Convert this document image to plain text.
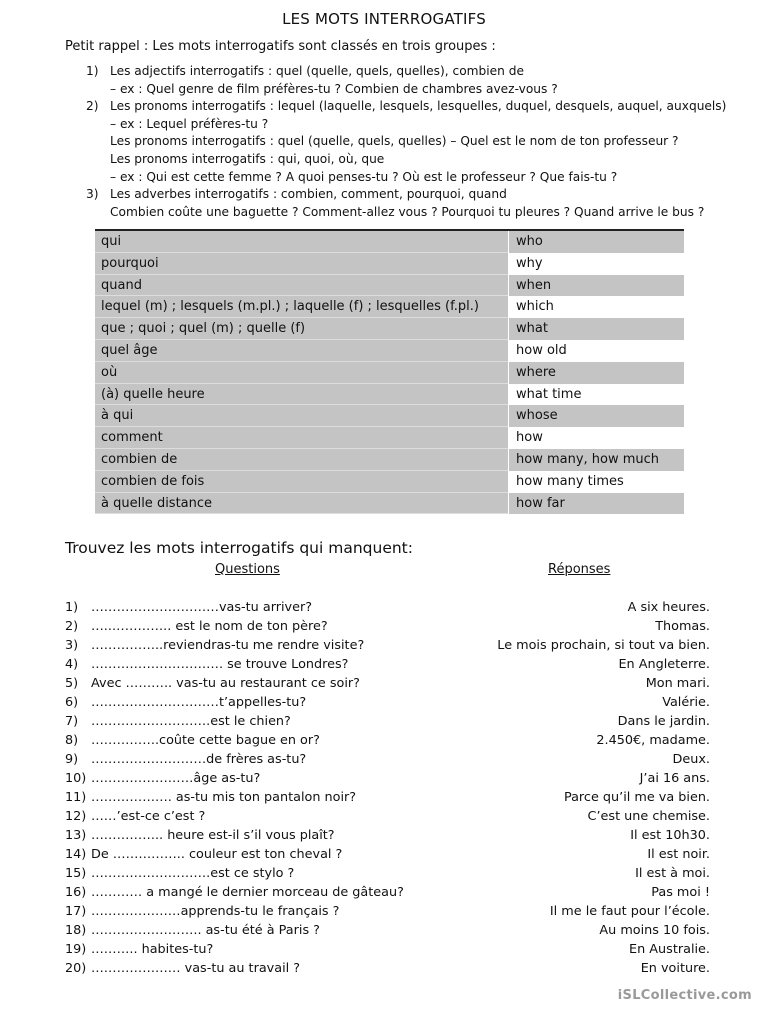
LES MOTS INTERROGATIFS
Petit rappel : Les mots interrogatifs sont classés en trois groupes :
1) Les adjectifs interrogatifs : quel (quelle, quels, quelles), combien de
– ex : Quel genre de film préfères-tu ? Combien de chambres avez-vous ?
2) Les pronoms interrogatifs : lequel (laquelle, lesquels, lesquelles, duquel, desquels, auquel, auxquels)
– ex : Lequel préfères-tu ?
Les pronoms interrogatifs : quel (quelle, quels, quelles) – Quel est le nom de ton professeur ?
Les pronoms interrogatifs : qui, quoi, où, que
– ex : Qui est cette femme ? A quoi penses-tu ? Où est le professeur ? Que fais-tu ?
3) Les adverbes interrogatifs : combien, comment, pourquoi, quand
Combien coûte une baguette ? Comment-allez vous ? Pourquoi tu pleures ? Quand arrive le bus ?
qui	who
pourquoi	why
quand	when
lequel (m) ; lesquels (m.pl.) ; laquelle (f) ; lesquelles (f.pl.)	which
que ; quoi ; quel (m) ; quelle (f)	what
quel âge	how old
où	where
(à) quelle heure	what time
à qui	whose
comment	how
combien de	how many, how much
combien de fois	how many times
à quelle distance	how far
Trouvez les mots interrogatifs qui manquent:
Questions	Réponses
1) …………………………vas-tu arriver?	A six heures.
2) …..………….. est le nom de ton père?	Thomas.
3) ……………..reviendras-tu me rendre visite?	Le mois prochain, si tout va bien.
4) …………………………. se trouve Londres?	En Angleterre.
5) Avec ……….. vas-tu au restaurant ce soir?	Mon mari.
6) …………………………t’appelles-tu?	Valérie.
7) ……………………….est le chien?	Dans le jardin.
8) …………….coûte cette bague en or?	2.450€, madame.
9) ………………………de frères as-tu?	Deux.
10) ……………………âge as-tu?	J’ai 16 ans.
11) ………………. as-tu mis ton pantalon noir?	Parce qu’il me va bien.
12) ……’est-ce c’est ?	C’est une chemise.
13) …………….. heure est-il s’il vous plaît?	Il est 10h30.
14) De …………….. couleur est ton cheval ?	Il est noir.
15) ……………………….est ce stylo ?	Il est à moi.
16) ………… a mangé le dernier morceau de gâteau?	Pas moi !
17) …………………apprends-tu le français ?	Il me le faut pour l’école.
18) …………………….. as-tu été à Paris ?	Au moins 10 fois.
19) ……….. habites-tu?	En Australie.
20) ………………… vas-tu au travail ?	En voiture.
iSLCollective.com
